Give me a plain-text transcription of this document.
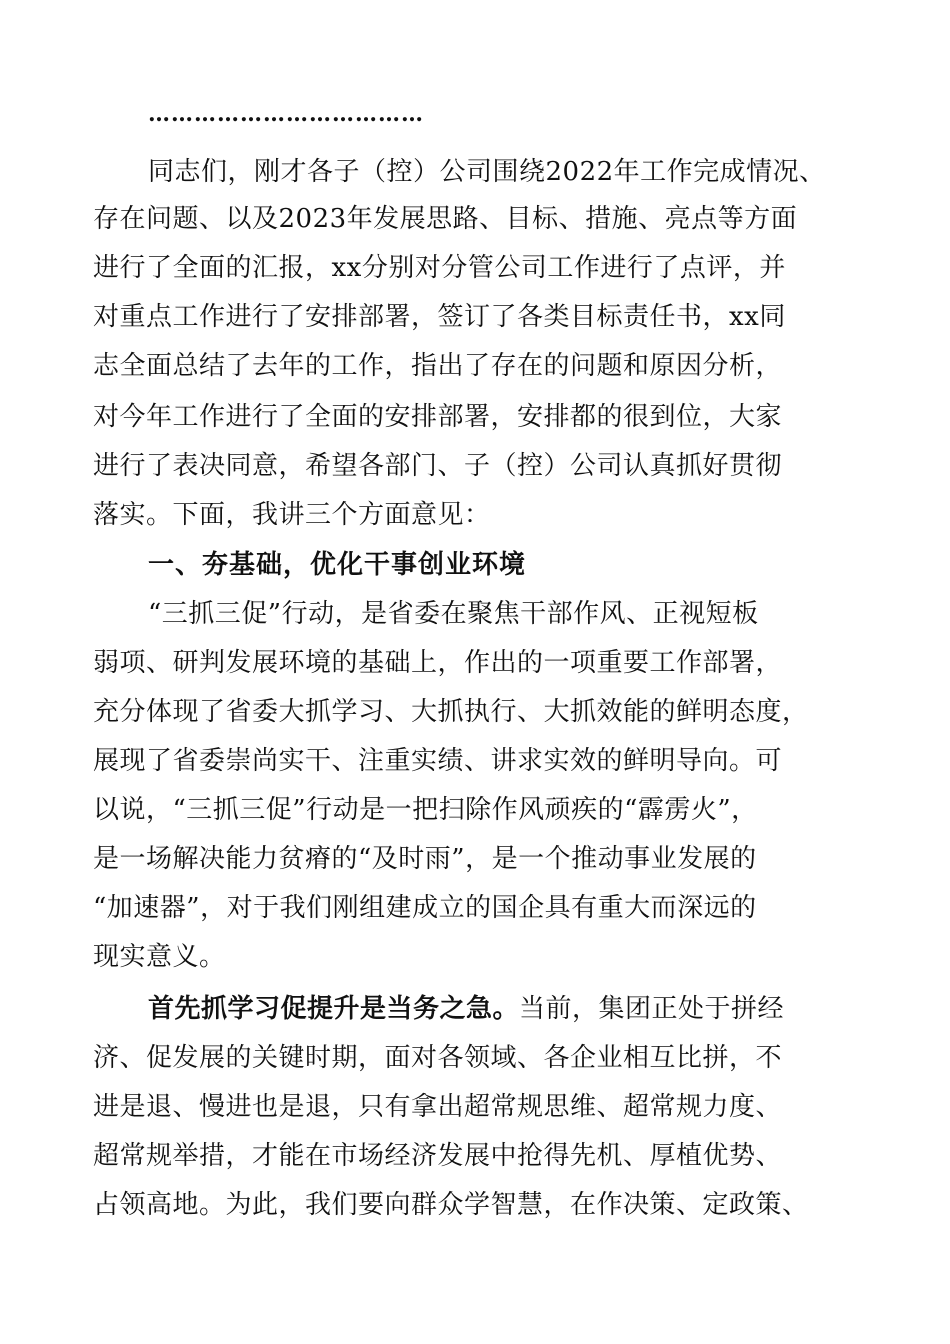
………………………………
同志们，刚才各子（控）公司围绕2022年工作完成情况、
存在问题、以及2023年发展思路、目标、措施、亮点等方面
进行了全面的汇报，xx分别对分管公司工作进行了点评，并
对重点工作进行了安排部署，签订了各类目标责任书，xx同
志全面总结了去年的工作，指出了存在的问题和原因分析，
对今年工作进行了全面的安排部署，安排都的很到位，大家
进行了表决同意，希望各部门、子（控）公司认真抓好贯彻
落实。下面，我讲三个方面意见：
一、夯基础，优化干事创业环境
“三抓三促”行动，是省委在聚焦干部作风、正视短板
弱项、研判发展环境的基础上，作出的一项重要工作部署，
充分体现了省委大抓学习、大抓执行、大抓效能的鲜明态度，
展现了省委崇尚实干、注重实绩、讲求实效的鲜明导向。可
以说，“三抓三促”行动是一把扫除作风顽疾的“霹雳火”，
是一场解决能力贫瘠的“及时雨”，是一个推动事业发展的
“加速器”，对于我们刚组建成立的国企具有重大而深远的
现实意义。
首先抓学习促提升是当务之急。当前，集团正处于拼经
济、促发展的关键时期，面对各领域、各企业相互比拼，不
进是退、慢进也是退，只有拿出超常规思维、超常规力度、
超常规举措，才能在市场经济发展中抢得先机、厚植优势、
占领高地。为此，我们要向群众学智慧，在作决策、定政策、
